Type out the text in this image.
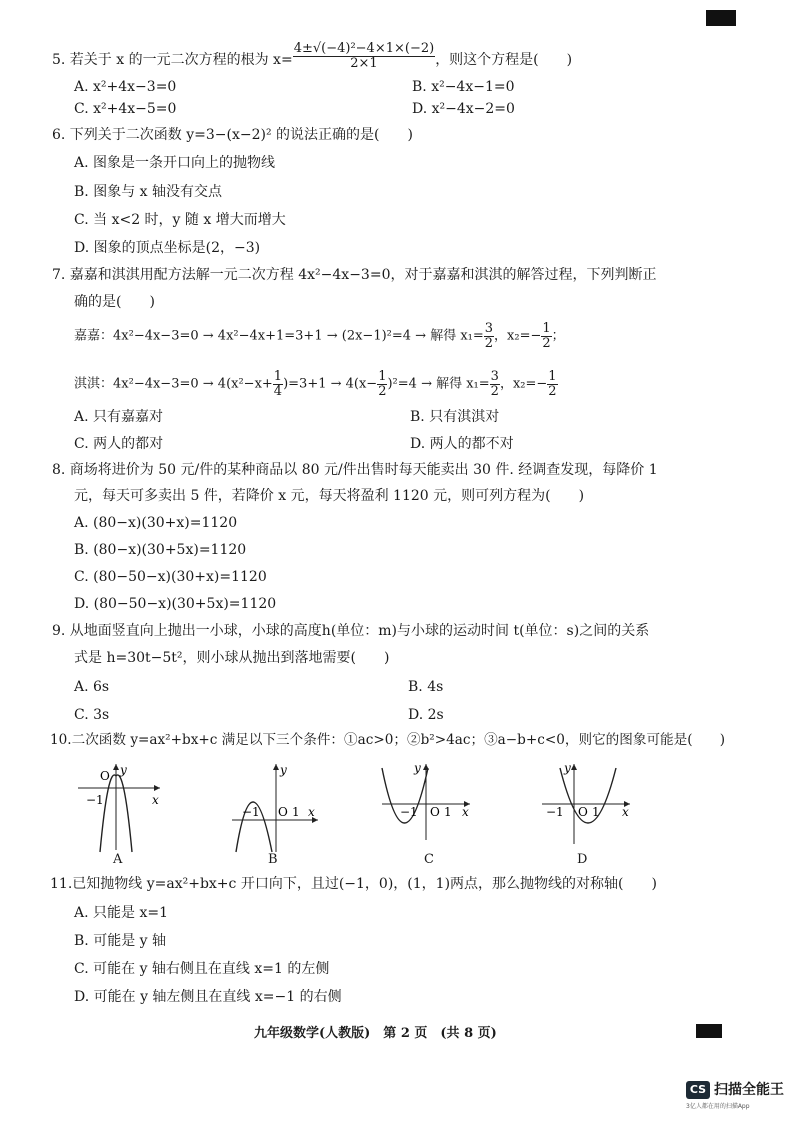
5. 若关于 x 的一元二次方程的根为 $x= \frac{\text{4±√(−4)²−4×1×(−2)}}{2\times 1}$ ，则这个方程是(　　)
A. x²+4x−3=0	B. x²−4x−1=0
C. x²+4x−5=0	D. x²−4x−2=0
6. 下列关于二次函数 y=3−(x−2)² 的说法正确的是(　　)
A. 图象是一条开口向上的抛物线
B. 图象与 x 轴没有交点
C. 当 x<2 时，y 随 x 增大而增大
D. 图象的顶点坐标是(2，−3)
7. 嘉嘉和淇淇用配方法解一元二次方程 4x²−4x−3=0，对于嘉嘉和淇淇的解答过程，下列判断正
确的是(　　)
嘉嘉：4x²−4x−3=0 → 4x²−4x+1=3+1 → (2x−1)²=4 → 解得 $x_1= \frac{3}{2}$ ，$x_2=- \frac{1}{2}$ ；
淇淇：$4x^2-4x-3=0 \to 4(x^2-x+ \frac{1}{4} )=3+1 \to 4(x- \frac{1}{2} )^2=4$ → 解得 $x_1= \frac{3}{2}$ ，$x_2=- \frac{1}{2}$
A. 只有嘉嘉对	B. 只有淇淇对
C. 两人的都对	D. 两人的都不对
8. 商场将进价为 50 元/件的某种商品以 80 元/件出售时每天能卖出 30 件. 经调查发现，每降价 1
元，每天可多卖出 5 件，若降价 x 元，每天将盈利 1120 元，则可列方程为(　　)
A. (80−x)(30+x)=1120
B. (80−x)(30+5x)=1120
C. (80−50−x)(30+x)=1120
D. (80−50−x)(30+5x)=1120
9. 从地面竖直向上抛出一小球，小球的高度h(单位：m)与小球的运动时间 t(单位：s)之间的关系
式是 h=30t−5t²，则小球从抛出到落地需要(　　)
A. 6s	B. 4s
C. 3s	D. 2s
10.二次函数 y=ax²+bx+c 满足以下三个条件：①ac>0；②b²>4ac；③a−b+c<0，则它的图象可能是(　　)
−1
O
x
y
A
−1 O 1 x
y
B
−1 O 1 x
y
C
−1 O 1 x
y
D
11.已知抛物线 y=ax²+bx+c 开口向下，且过(−1，0)，(1，1)两点，那么抛物线的对称轴(　　)
A. 只能是 x=1
B. 可能是 y 轴
C. 可能在 y 轴右侧且在直线 x=1 的左侧
D. 可能在 y 轴左侧且在直线 x=−1 的右侧
九年级数学(人教版)　第 2 页　(共 8 页)
CS 扫描全能王
3亿人都在用的扫描App
